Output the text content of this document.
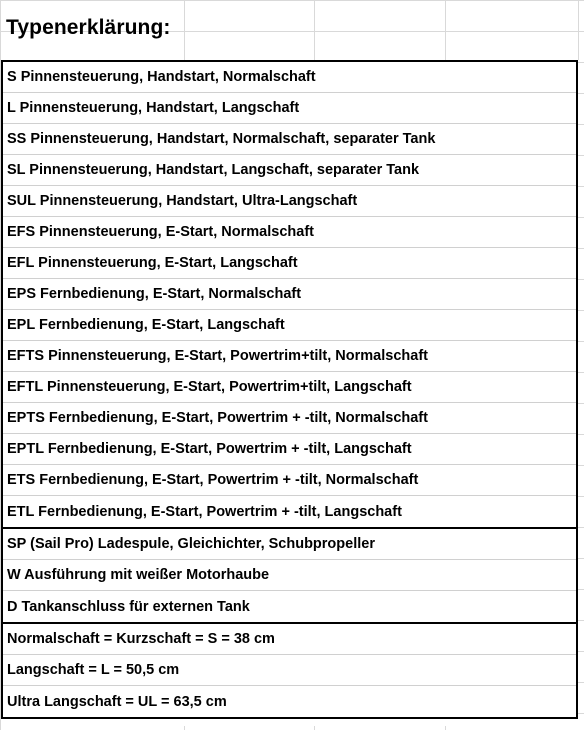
Typenerklärung:
S Pinnensteuerung, Handstart, Normalschaft
L Pinnensteuerung, Handstart, Langschaft
SS Pinnensteuerung, Handstart, Normalschaft, separater Tank
SL Pinnensteuerung, Handstart, Langschaft, separater Tank
SUL Pinnensteuerung, Handstart, Ultra-Langschaft
EFS Pinnensteuerung, E-Start, Normalschaft
EFL Pinnensteuerung, E-Start, Langschaft
EPS Fernbedienung, E-Start, Normalschaft
EPL Fernbedienung, E-Start, Langschaft
EFTS Pinnensteuerung, E-Start, Powertrim+tilt, Normalschaft
EFTL Pinnensteuerung, E-Start, Powertrim+tilt, Langschaft
EPTS Fernbedienung, E-Start, Powertrim + -tilt, Normalschaft
EPTL Fernbedienung, E-Start, Powertrim + -tilt, Langschaft
ETS Fernbedienung, E-Start, Powertrim + -tilt, Normalschaft
ETL Fernbedienung, E-Start, Powertrim + -tilt, Langschaft
SP (Sail Pro) Ladespule, Gleichichter, Schubpropeller
W Ausführung mit weißer Motorhaube
D Tankanschluss für externen Tank
Normalschaft = Kurzschaft = S = 38 cm
Langschaft = L = 50,5 cm
Ultra Langschaft = UL = 63,5 cm
